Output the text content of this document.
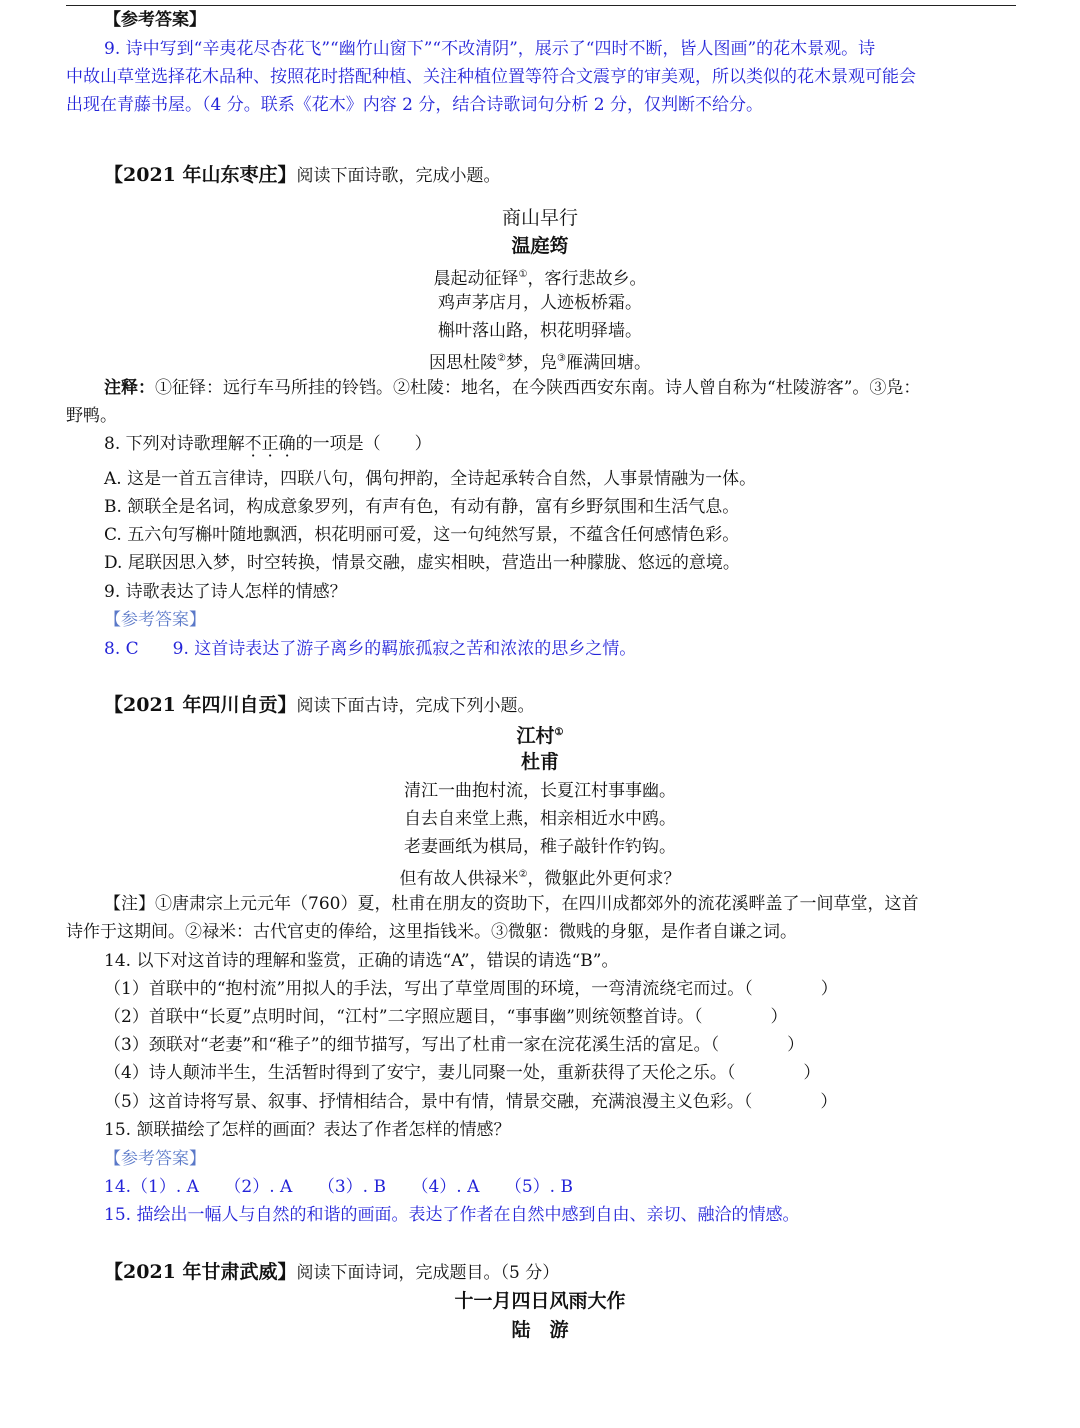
【参考答案】
9. 诗中写到“辛夷花尽杏花飞”“幽竹山窗下”“不改清阴”，展示了“四时不断，皆人图画”的花木景观。诗
中故山草堂选择花木品种、按照花时搭配种植、关注种植位置等符合文震亨的审美观，所以类似的花木景观可能会
出现在青藤书屋。（4 分。联系《花木》内容 2 分，结合诗歌词句分析 2 分，仅判断不给分。
【2021 年山东枣庄】阅读下面诗歌，完成小题。
商山早行
温庭筠
晨起动征铎①，客行悲故乡。
鸡声茅店月，人迹板桥霜。
槲叶落山路，枳花明驿墙。
因思杜陵②梦，凫③雁满回塘。
注释：①征铎：远行车马所挂的铃铛。②杜陵：地名，在今陕西西安东南。诗人曾自称为“杜陵游客”。③凫：
野鸭。
8. 下列对诗歌理解不正确的一项是（　　）
A. 这是一首五言律诗，四联八句，偶句押韵，全诗起承转合自然，人事景情融为一体。
B. 颔联全是名词，构成意象罗列，有声有色，有动有静，富有乡野氛围和生活气息。
C. 五六句写槲叶随地飘洒，枳花明丽可爱，这一句纯然写景，不蕴含任何感情色彩。
D. 尾联因思入梦，时空转换，情景交融，虚实相映，营造出一种朦胧、悠远的意境。
9. 诗歌表达了诗人怎样的情感？
【参考答案】
8. C　　9. 这首诗表达了游子离乡的羁旅孤寂之苦和浓浓的思乡之情。
【2021 年四川自贡】阅读下面古诗，完成下列小题。
江村①
杜甫
清江一曲抱村流，长夏江村事事幽。
自去自来堂上燕，相亲相近水中鸥。
老妻画纸为棋局，稚子敲针作钓钩。
但有故人供禄米②，微躯此外更何求？
【注】①唐肃宗上元元年（760）夏，杜甫在朋友的资助下，在四川成都郊外的流花溪畔盖了一间草堂，这首
诗作于这期间。②禄米：古代官吏的俸给，这里指钱米。③微躯：微贱的身躯，是作者自谦之词。
14. 以下对这首诗的理解和鉴赏，正确的请选“A”，错误的请选“B”。
（1）首联中的“抱村流”用拟人的手法，写出了草堂周围的环境，一弯清流绕宅而过。（　　　　）
（2）首联中“长夏”点明时间，“江村”二字照应题目，“事事幽”则统领整首诗。（　　　　）
（3）颈联对“老妻”和“稚子”的细节描写，写出了杜甫一家在浣花溪生活的富足。（　　　　）
（4）诗人颠沛半生，生活暂时得到了安宁，妻儿同聚一处，重新获得了天伦之乐。（　　　　）
（5）这首诗将写景、叙事、抒情相结合，景中有情，情景交融，充满浪漫主义色彩。（　　　　）
15. 颔联描绘了怎样的画面？表达了作者怎样的情感？
【参考答案】
14.（1）. A　　（2）. A　　（3）. B　　（4）. A　　（5）. B
15. 描绘出一幅人与自然的和谐的画面。表达了作者在自然中感到自由、亲切、融洽的情感。
【2021 年甘肃武威】阅读下面诗词，完成题目。（5 分）
十一月四日风雨大作
陆　游
